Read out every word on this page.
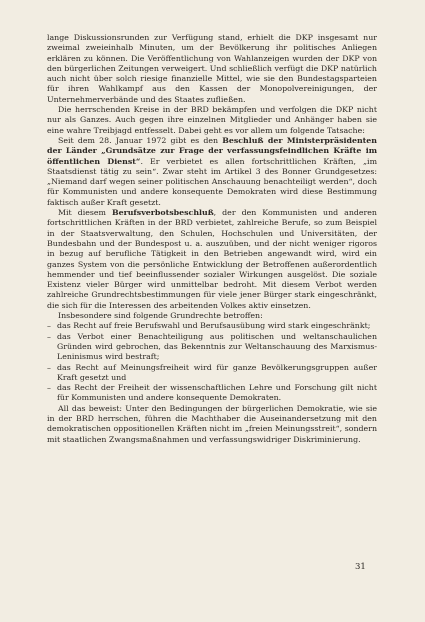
lange Diskussionsrunden zur Verfügung stand, erhielt die DKP insgesamt nur zweimal zweieinhalb Minuten, um der Bevölkerung ihr politisches Anliegen erklären zu können. Die Veröffentlichung von Wahlanzeigen wurden der DKP von den bürgerlichen Zeitungen verweigert. Und schließlich verfügt die DKP natürlich auch nicht über solch riesige finanzielle Mittel, wie sie den Bundestagsparteien für ihren Wahlkampf aus den Kassen der Monopolvereinigungen, der Unternehmerverbände und des Staates zufließen.

Die herrschenden Kreise in der BRD bekämpfen und verfolgen die DKP nicht nur als Ganzes. Auch gegen ihre einzelnen Mitglieder und Anhänger haben sie eine wahre Treibjagd entfesselt. Dabei geht es vor allem um folgende Tatsache:

Seit dem 28. Januar 1972 gibt es den Beschluß der Ministerpräsidenten der Länder „Grundsätze zur Frage der verfassungsfeindlichen Kräfte im öffentlichen Dienst“. Er verbietet es allen fortschrittlichen Kräften, „im Staatsdienst tätig zu sein“. Zwar steht im Artikel 3 des Bonner Grundgesetzes: „Niemand darf wegen seiner politischen Anschauung benachteiligt werden“, doch für Kommunisten und andere konsequente Demokraten wird diese Bestimmung faktisch außer Kraft gesetzt.

Mit diesem Berufsverbotsbeschluß, der den Kommunisten und anderen fortschrittlichen Kräften in der BRD verbietet, zahlreiche Berufe, so zum Beispiel in der Staatsverwaltung, den Schulen, Hochschulen und Universitäten, der Bundesbahn und der Bundespost u. a. auszuüben, und der nicht weniger rigoros in bezug auf berufliche Tätigkeit in den Betrieben angewandt wird, wird ein ganzes System von die persönliche Entwicklung der Betroffenen außerordentlich hemmender und tief beeinflussender sozialer Wirkungen ausgelöst. Die soziale Existenz vieler Bürger wird unmittelbar bedroht. Mit diesem Verbot werden zahlreiche Grundrechtsbestimmungen für viele jener Bürger stark eingeschränkt, die sich für die Interessen des arbeitenden Volkes aktiv einsetzen.

Insbesondere sind folgende Grundrechte betroffen:

– das Recht auf freie Berufswahl und Berufsausübung wird stark eingeschränkt;
– das Verbot einer Benachteiligung aus politischen und weltanschaulichen Gründen wird gebrochen, das Bekenntnis zur Weltanschauung des Marxismus-Leninismus wird bestraft;
– das Recht auf Meinungsfreiheit wird für ganze Bevölkerungsgruppen außer Kraft gesetzt und
– das Recht der Freiheit der wissenschaftlichen Lehre und Forschung gilt nicht für Kommunisten und andere konsequente Demokraten.

All das beweist: Unter den Bedingungen der bürgerlichen Demokratie, wie sie in der BRD herrschen, führen die Machthaber die Auseinandersetzung mit den demokratischen oppositionellen Kräften nicht im „freien Meinungsstreit“, sondern mit staatlichen Zwangsmaßnahmen und verfassungswidriger Diskriminierung.

31
